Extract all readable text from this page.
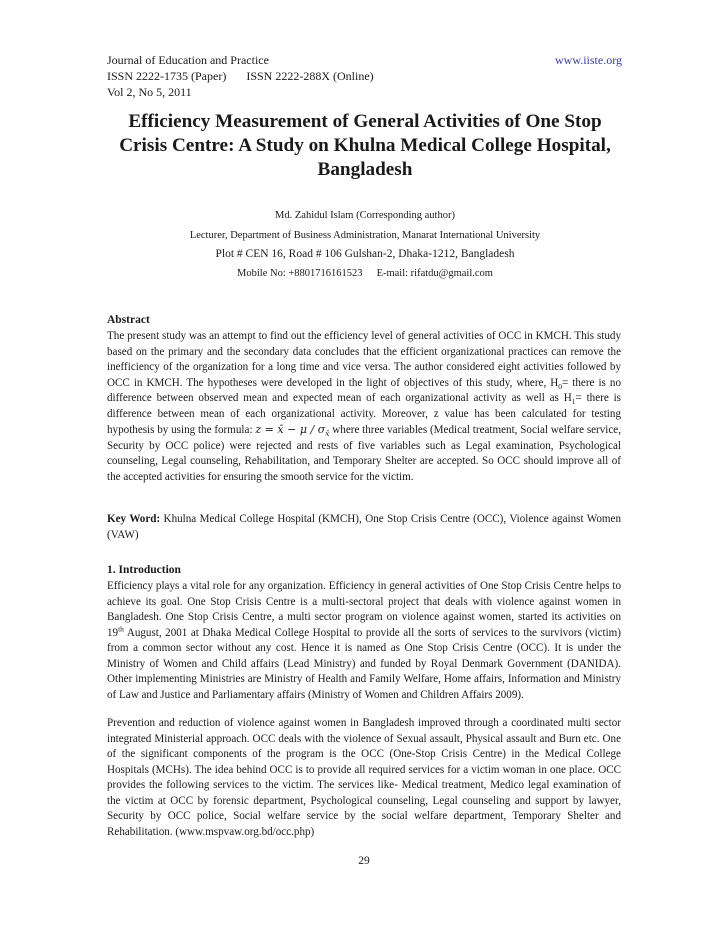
Journal of Education and Practice	www.iiste.org
ISSN 2222-1735 (Paper) ISSN 2222-288X (Online)
Vol 2, No 5, 2011
Efficiency Measurement of General Activities of One Stop Crisis Centre: A Study on Khulna Medical College Hospital, Bangladesh
Md. Zahidul Islam (Corresponding author)
Lecturer, Department of Business Administration, Manarat International University
Plot # CEN 16, Road # 106 Gulshan-2, Dhaka-1212, Bangladesh
Mobile No: +8801716161523 E-mail: rifatdu@gmail.com
Abstract

The present study was an attempt to find out the efficiency level of general activities of OCC in KMCH. This study based on the primary and the secondary data concludes that the efficient organizational practices can remove the inefficiency of the organization for a long time and vice versa. The author considered eight activities followed by OCC in KMCH. The hypotheses were developed in the light of objectives of this study, where, $H_0=$ there is no difference between observed mean and expected mean of each organizational activity as well as $H_1=$ there is difference between mean of each organizational activity. Moreover, z value has been calculated for testing hypothesis by using the formula: z = x̄ − μ / $\sigma_{x̄}$ where three variables (Medical treatment, Social welfare service, Security by OCC police) were rejected and rests of five variables such as Legal examination, Psychological counseling, Legal counseling, Rehabilitation, and Temporary Shelter are accepted. So OCC should improve all of the accepted activities for ensuring the smooth service for the victim.

Key Word: Khulna Medical College Hospital (KMCH), One Stop Crisis Centre (OCC), Violence against Women (VAW)

1. Introduction

Efficiency plays a vital role for any organization. Efficiency in general activities of One Stop Crisis Centre helps to achieve its goal. One Stop Crisis Centre is a multi-sectoral project that deals with violence against women in Bangladesh. One Stop Crisis Centre, a multi sector program on violence against women, started its activities on 19th August, 2001 at Dhaka Medical College Hospital to provide all the sorts of services to the survivors (victim) from a common sector without any cost. Hence it is named as One Stop Crisis Centre (OCC). It is under the Ministry of Women and Child affairs (Lead Ministry) and funded by Royal Denmark Government (DANIDA). Other implementing Ministries are Ministry of Health and Family Welfare, Home affairs, Information and Ministry of Law and Justice and Parliamentary affairs (Ministry of Women and Children Affairs 2009).

Prevention and reduction of violence against women in Bangladesh improved through a coordinated multi sector integrated Ministerial approach. OCC deals with the violence of Sexual assault, Physical assault and Burn etc. One of the significant components of the program is the OCC (One-Stop Crisis Centre) in the Medical College Hospitals (MCHs). The idea behind OCC is to provide all required services for a victim woman in one place. OCC provides the following services to the victim. The services like- Medical treatment, Medico legal examination of the victim at OCC by forensic department, Psychological counseling, Legal counseling and support by lawyer, Security by OCC police, Social welfare service by the social welfare department, Temporary Shelter and Rehabilitation. (www.mspvaw.org.bd/occ.php)

29
